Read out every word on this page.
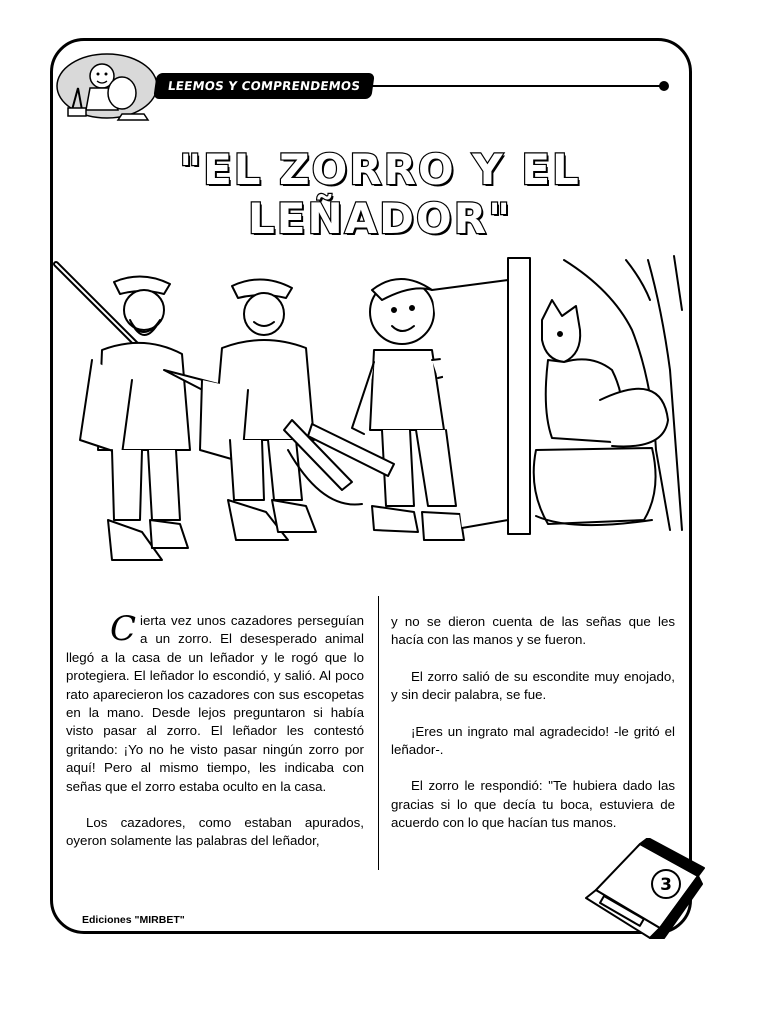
LEEMOS Y COMPRENDEMOS
"EL ZORRO Y EL LEÑADOR"

Cierta vez unos cazadores perseguían a un zorro. El desesperado animal llegó a la casa de un leñador y le rogó que lo protegiera. El leñador lo escondió, y salió. Al poco rato aparecieron los cazadores con sus escopetas en la mano. Desde lejos preguntaron si había visto pasar al zorro. El leñador les contestó gritando: ¡Yo no he visto pasar ningún zorro por aquí! Pero al mismo tiempo, les indicaba con señas que el zorro estaba oculto en la casa.

Los cazadores, como estaban apurados, oyeron solamente las palabras del leñador,

y no se dieron cuenta de las señas que les hacía con las manos y se fueron.

El zorro salió de su escondite muy enojado, y sin decir palabra, se fue.

¡Eres un ingrato mal agradecido! -le gritó el leñador-.

El zorro le respondió: "Te hubiera dado las gracias si lo que decía tu boca, estuviera de acuerdo con lo que hacían tus manos.

Ediciones "MIRBET"
3
